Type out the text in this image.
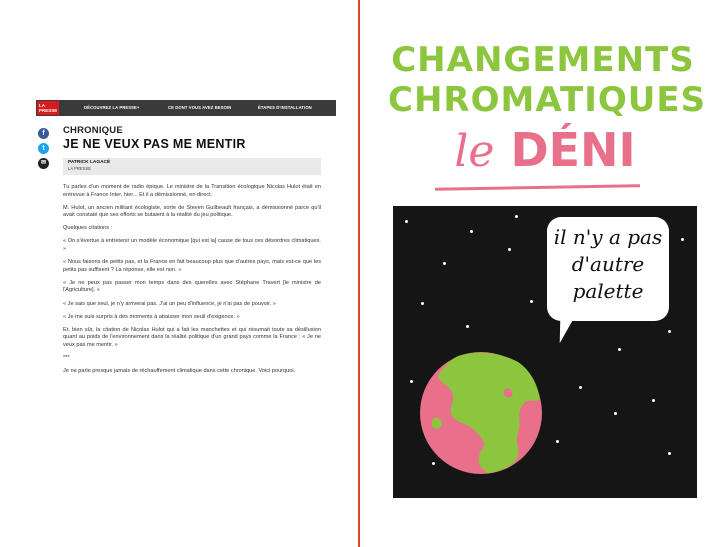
LA PRESSE
DÉCOUVREZ LA PRESSE+	CE DONT VOUS AVEZ BESOIN	ÉTAPES D'INSTALLATION
f
t
✉
CHRONIQUE
JE NE VEUX PAS ME MENTIR
PATRICK LAGACÉ
LA PRESSE

Tu parles d'un moment de radio épique. Le ministre de la Transition écologique Nicolas Hulot était en entrevue à France Inter, hier... Et il a démissionné, en direct.

M. Hulot, un ancien militant écologiste, sorte de Steven Guilbeault français, a démissionné parce qu'il avait constaté que ses efforts se butaient à la réalité du jeu politique.

Quelques citations :

« On s'évertue à entretenir un modèle économique [qui est la] cause de tous ces désordres climatiques. »

« Nous faisons de petits pas, et la France en fait beaucoup plus que d'autres pays, mais est-ce que les petits pas suffisent ? La réponse, elle est non. »

« Je ne peux pas passer mon temps dans des querelles avec Stéphane Travert [le ministre de l'Agriculture]. »

« Je sais que seul, je n'y arriverai pas. J'ai un peu d'influence, je n'ai pas de pouvoir. »

« Je me suis surpris à des moments à abaisser mon seuil d'exigence. »

Et, bien sûr, la citation de Nicolas Hulot qui a fait les manchettes et qui résumait toute sa désillusion quant au poids de l'environnement dans la réalité politique d'un grand pays comme la France : « Je ne veux pas me mentir. »

***

Je ne parle presque jamais de réchauffement climatique dans cette chronique. Voici pourquoi.

CHANGEMENTS
CHROMATIQUES
le DÉNI
il n'y a pas
d'autre
palette
